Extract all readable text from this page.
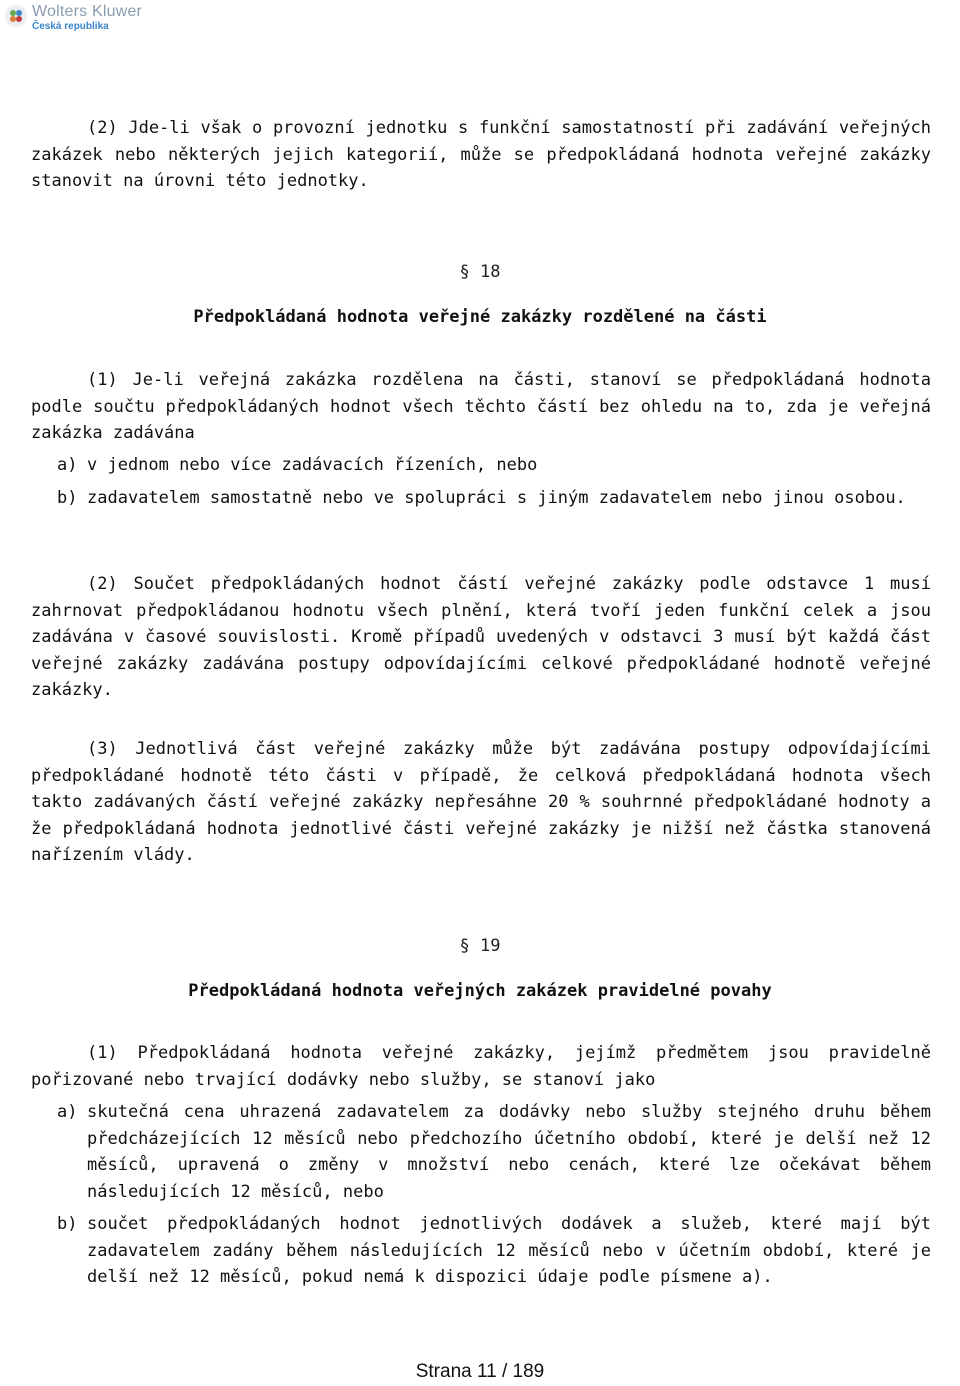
Wolters Kluwer
Česká republika
(2) Jde-li však o provozní jednotku s funkční samostatností při zadávání veřejných zakázek nebo některých jejich kategorií, může se předpokládaná hodnota veřejné zakázky stanovit na úrovni této jednotky.
§ 18
Předpokládaná hodnota veřejné zakázky rozdělené na části
(1) Je-li veřejná zakázka rozdělena na části, stanoví se předpokládaná hodnota podle součtu předpokládaných hodnot všech těchto částí bez ohledu na to, zda je veřejná zakázka zadávána
a) v jednom nebo více zadávacích řízeních, nebo
b) zadavatelem samostatně nebo ve spolupráci s jiným zadavatelem nebo jinou osobou.
(2) Součet předpokládaných hodnot částí veřejné zakázky podle odstavce 1 musí zahrnovat předpokládanou hodnotu všech plnění, která tvoří jeden funkční celek a jsou zadávána v časové souvislosti. Kromě případů uvedených v odstavci 3 musí být každá část veřejné zakázky zadávána postupy odpovídajícími celkové předpokládané hodnotě veřejné zakázky.
(3) Jednotlivá část veřejné zakázky může být zadávána postupy odpovídajícími předpokládané hodnotě této části v případě, že celková předpokládaná hodnota všech takto zadávaných částí veřejné zakázky nepřesáhne 20 % souhrnné předpokládané hodnoty a že předpokládaná hodnota jednotlivé části veřejné zakázky je nižší než částka stanovená nařízením vlády.
§ 19
Předpokládaná hodnota veřejných zakázek pravidelné povahy
(1) Předpokládaná hodnota veřejné zakázky, jejímž předmětem jsou pravidelně pořizované nebo trvající dodávky nebo služby, se stanoví jako
a) skutečná cena uhrazená zadavatelem za dodávky nebo služby stejného druhu během předcházejících 12 měsíců nebo předchozího účetního období, které je delší než 12 měsíců, upravená o změny v množství nebo cenách, které lze očekávat během následujících 12 měsíců, nebo
b) součet předpokládaných hodnot jednotlivých dodávek a služeb, které mají být zadavatelem zadány během následujících 12 měsíců nebo v účetním období, které je delší než 12 měsíců, pokud nemá k dispozici údaje podle písmene a).
Strana 11 / 189
